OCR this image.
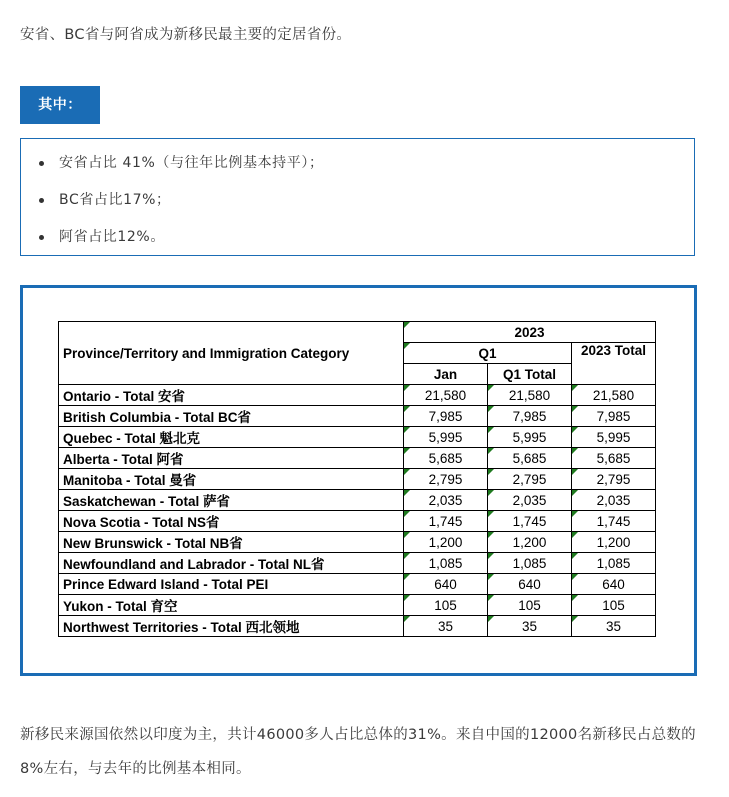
安省、BC省与阿省成为新移民最主要的定居省份。
其中：
安省占比 41%（与往年比例基本持平）；
BC省占比17%；
阿省占比12%。
Province/Territory and Immigration Category	2023		
	Q1		2023 Total
	Jan	Q1 Total	
Ontario - Total 安省	21,580	21,580	21,580
British Columbia - Total BC省	7,985	7,985	7,985
Quebec - Total 魁北克	5,995	5,995	5,995
Alberta - Total 阿省	5,685	5,685	5,685
Manitoba - Total 曼省	2,795	2,795	2,795
Saskatchewan - Total 萨省	2,035	2,035	2,035
Nova Scotia - Total NS省	1,745	1,745	1,745
New Brunswick - Total NB省	1,200	1,200	1,200
Newfoundland and Labrador - Total NL省	1,085	1,085	1,085
Prince Edward Island - Total PEI	640	640	640
Yukon - Total 育空	105	105	105
Northwest Territories - Total 西北领地	35	35	35
新移民来源国依然以印度为主，共计46000多人占比总体的31%。来自中国的12000名新移民占总数的8%左右，与去年的比例基本相同。
